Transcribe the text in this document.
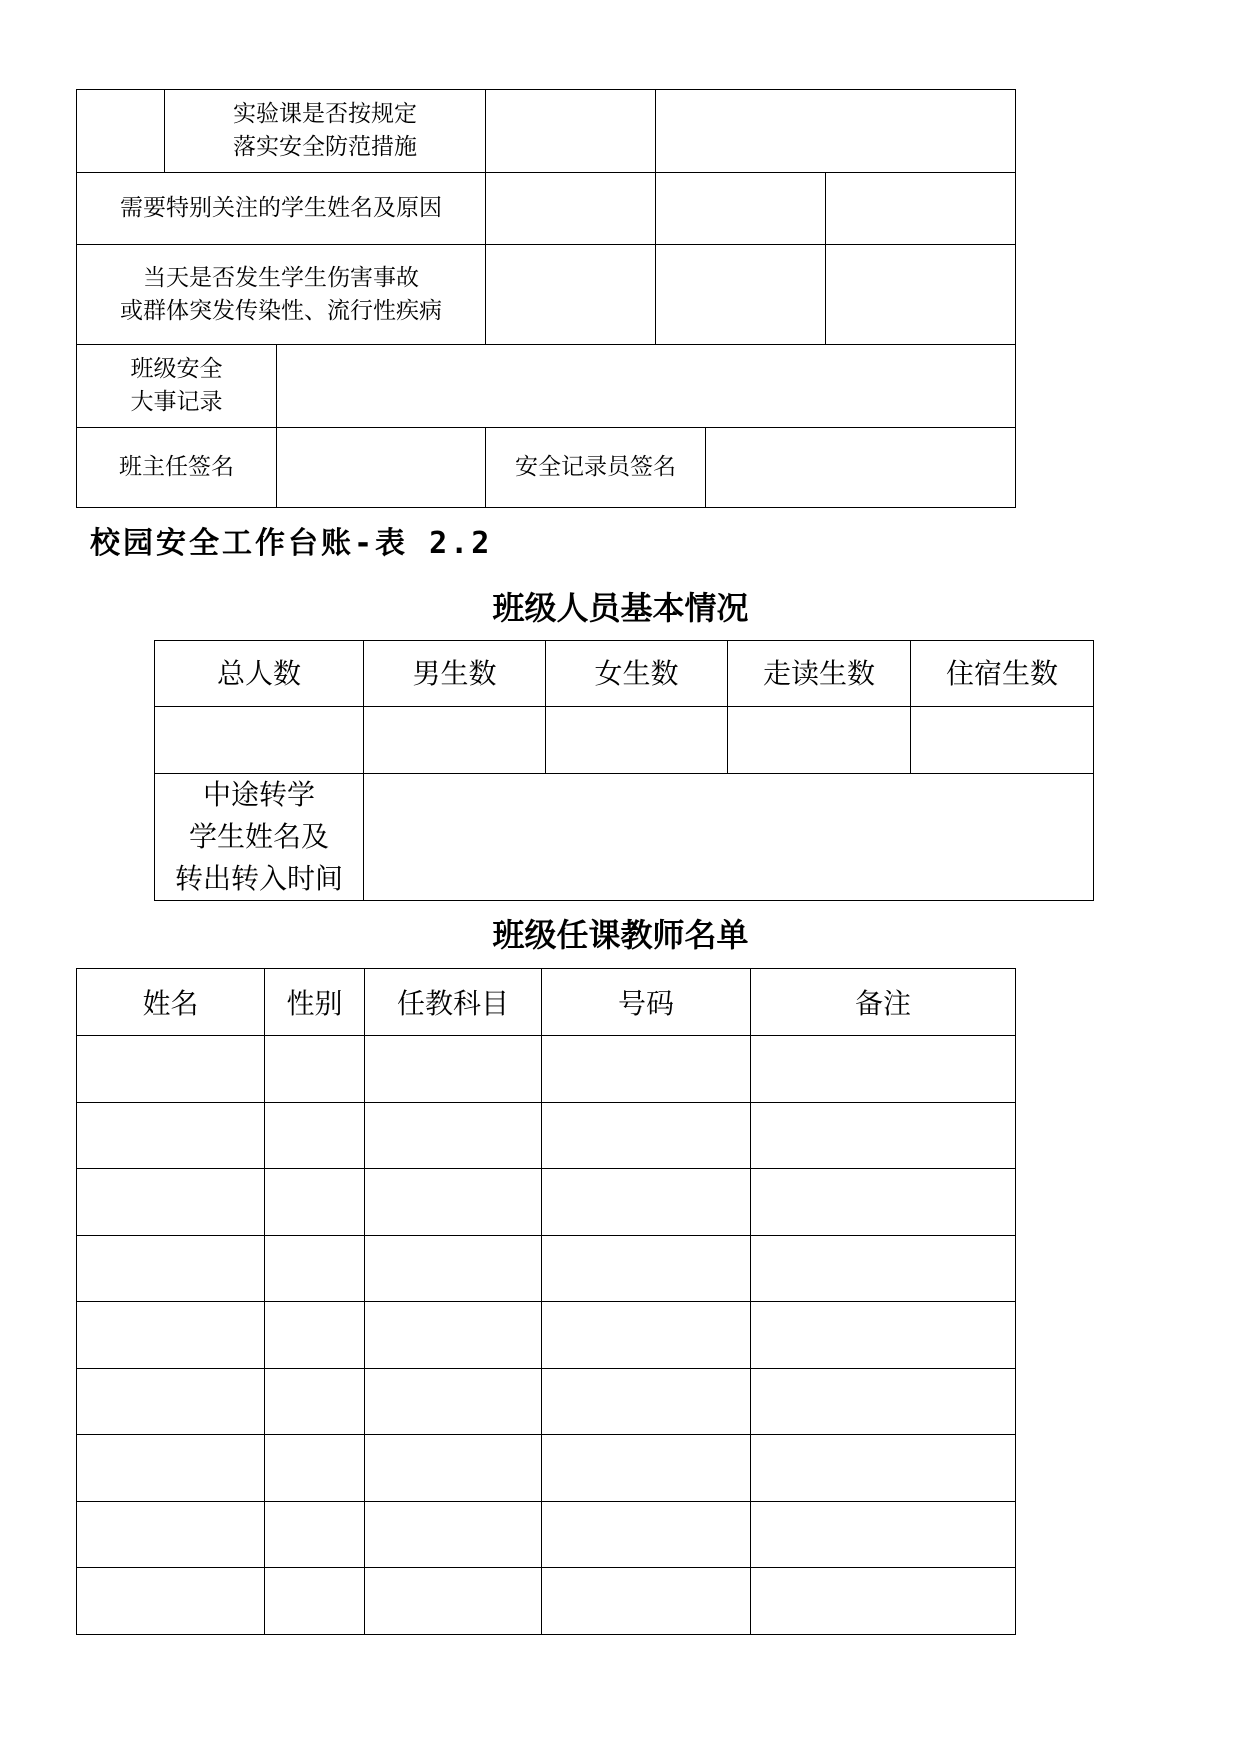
	实验课是否按规定
落实安全防范措施					

需要特别关注的学生姓名及原因						

当天是否发生学生伤害事故
或群体突发传染性、流行性疾病						

班级安全
大事记录						

班主任签名			安全记录员签名			
校园安全工作台账-表 2.2
班级人员基本情况
总人数	男生数	女生数	走读生数	住宿生数

中途转学
学生姓名及
转出转入时间				

班级任课教师名单
姓名	性别	任教科目	号码	备注
